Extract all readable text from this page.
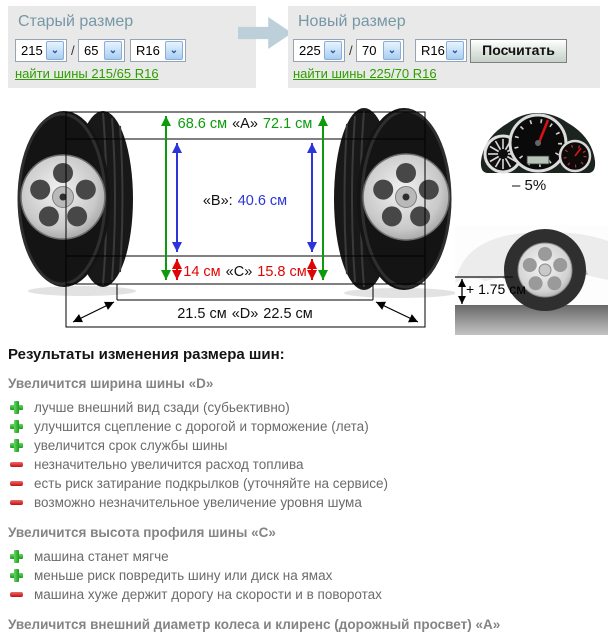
Старый размер
215 ⌄ / 65	⌄	R16 ⌄
найти шины 215/65 R16
Новый размер
225 ⌄ / 70	⌄	R16 ⌄	Посчитать
найти шины 225/70 R16
68.6 см «A» 72.1 см
«B»: 40.6 см
14 см «C» 15.8 см
21.5 см «D» 22.5 см
– 5%
+ 1.75 см
Результаты изменения размера шин:
Увеличится ширина шины «D»
лучше внешний вид сзади (субьективно)
улучшится сцепление с дорогой и торможение (лета)
увеличится срок службы шины
незначительно увеличится расход топлива
есть риск затирание подкрылков (уточняйте на сервисе)
возможно незначительное увеличение уровня шума
Увеличится высота профиля шины «C»
машина станет мягче
меньше риск повредить шину или диск на ямах
машина хуже держит дорогу на скорости и в поворотах
Увеличится внешний диаметр колеса и клиренс (дорожный просвет) «A»
